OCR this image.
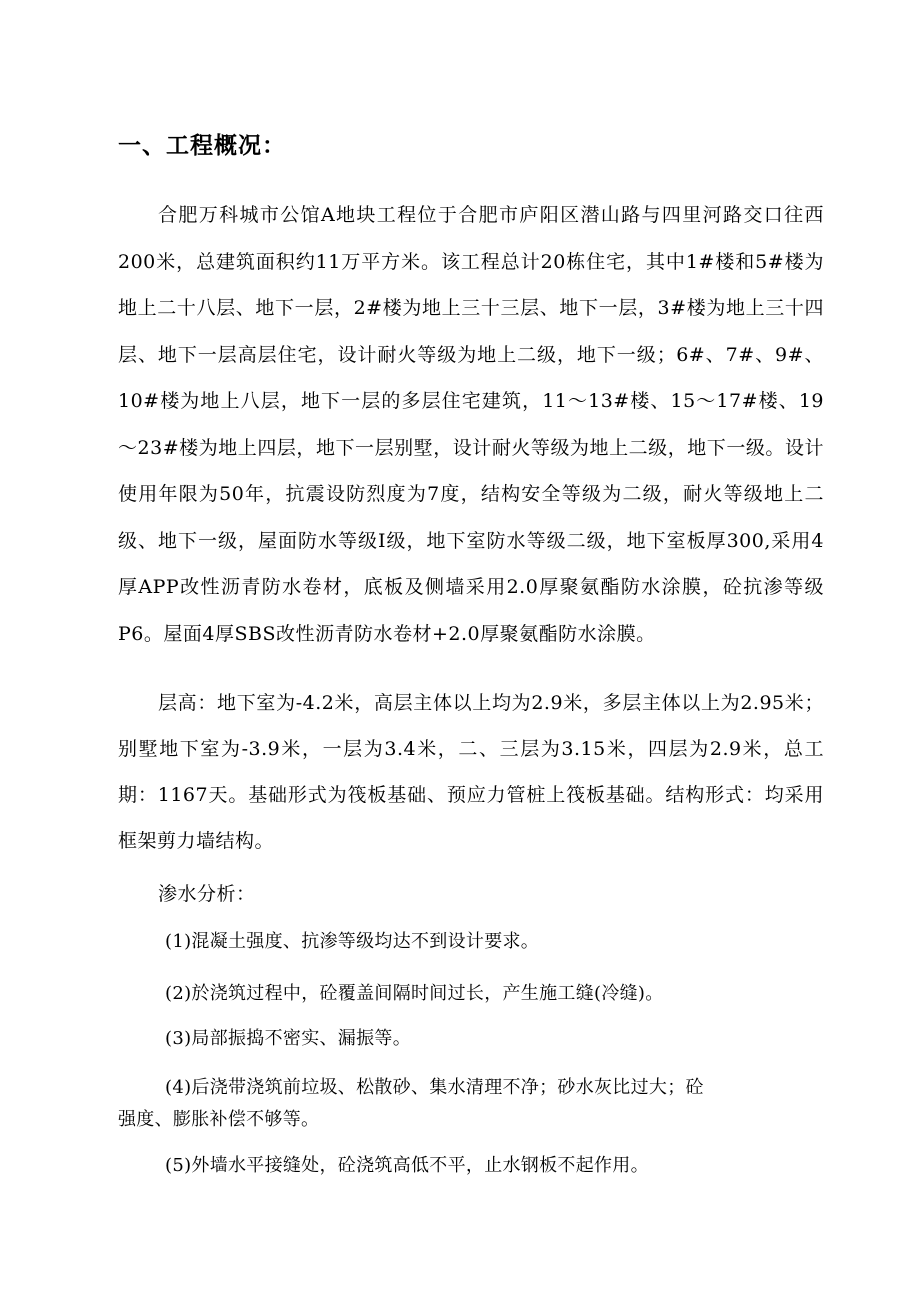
一、工程概况：
合肥万科城市公馆A地块工程位于合肥市庐阳区潜山路与四里河路交口往西200米，总建筑面积约11万平方米。该工程总计20栋住宅，其中1#楼和5#楼为地上二十八层、地下一层，2#楼为地上三十三层、地下一层，3#楼为地上三十四层、地下一层高层住宅，设计耐火等级为地上二级，地下一级；6#、7#、9#、10#楼为地上八层，地下一层的多层住宅建筑，11～13#楼、15～17#楼、19～23#楼为地上四层，地下一层别墅，设计耐火等级为地上二级，地下一级。设计使用年限为50年，抗震设防烈度为7度，结构安全等级为二级，耐火等级地上二级、地下一级，屋面防水等级I级，地下室防水等级二级，地下室板厚300,采用4厚APP改性沥青防水卷材，底板及侧墙采用2.0厚聚氨酯防水涂膜，砼抗渗等级P6。屋面4厚SBS改性沥青防水卷材+2.0厚聚氨酯防水涂膜。
层高：地下室为-4.2米，高层主体以上均为2.9米，多层主体以上为2.95米；别墅地下室为-3.9米，一层为3.4米，二、三层为3.15米，四层为2.9米，总工期：1167天。基础形式为筏板基础、预应力管桩上筏板基础。结构形式：均采用框架剪力墙结构。
渗水分析：
(1)混凝土强度、抗渗等级均达不到设计要求。
(2)於浇筑过程中，砼覆盖间隔时间过长，产生施工缝(冷缝)。
(3)局部振捣不密实、漏振等。
(4)后浇带浇筑前垃圾、松散砂、集水清理不净；砂水灰比过大；砼
强度、膨胀补偿不够等。
(5)外墙水平接缝处，砼浇筑高低不平，止水钢板不起作用。
